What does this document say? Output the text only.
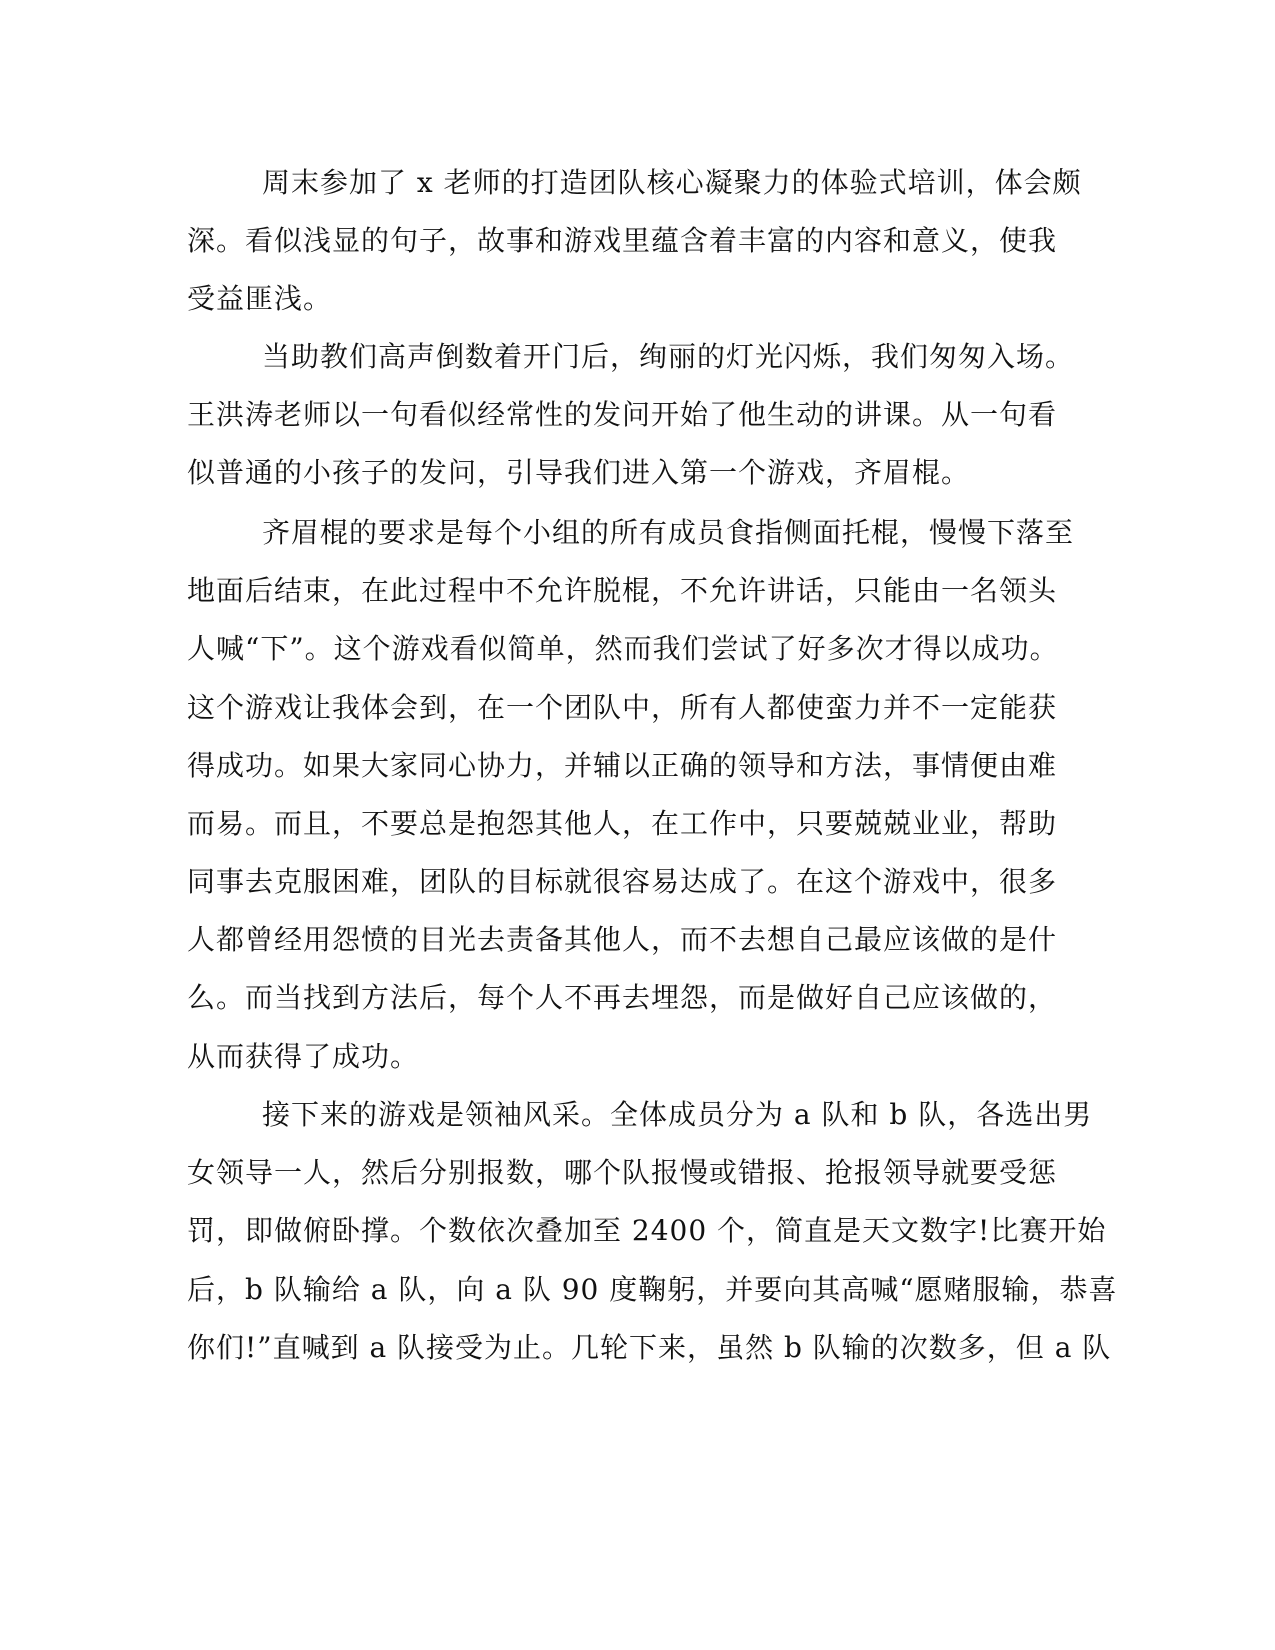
周末参加了 x 老师的打造团队核心凝聚力的体验式培训，体会颇

深。看似浅显的句子，故事和游戏里蕴含着丰富的内容和意义，使我

受益匪浅。

当助教们高声倒数着开门后，绚丽的灯光闪烁，我们匆匆入场。

王洪涛老师以一句看似经常性的发问开始了他生动的讲课。从一句看

似普通的小孩子的发问，引导我们进入第一个游戏，齐眉棍。

齐眉棍的要求是每个小组的所有成员食指侧面托棍，慢慢下落至

地面后结束，在此过程中不允许脱棍，不允许讲话，只能由一名领头

人喊“下”。这个游戏看似简单，然而我们尝试了好多次才得以成功。

这个游戏让我体会到，在一个团队中，所有人都使蛮力并不一定能获

得成功。如果大家同心协力，并辅以正确的领导和方法，事情便由难

而易。而且，不要总是抱怨其他人，在工作中，只要兢兢业业，帮助

同事去克服困难，团队的目标就很容易达成了。在这个游戏中，很多

人都曾经用怨愤的目光去责备其他人，而不去想自己最应该做的是什

么。而当找到方法后，每个人不再去埋怨，而是做好自己应该做的，

从而获得了成功。

接下来的游戏是领袖风采。全体成员分为 a 队和 b 队，各选出男

女领导一人，然后分别报数，哪个队报慢或错报、抢报领导就要受惩

罚，即做俯卧撑。个数依次叠加至 2400 个，简直是天文数字!比赛开始

后，b 队输给 a 队，向 a 队 90 度鞠躬，并要向其高喊“愿赌服输，恭喜

你们!”直喊到 a 队接受为止。几轮下来，虽然 b 队输的次数多，但 a 队
